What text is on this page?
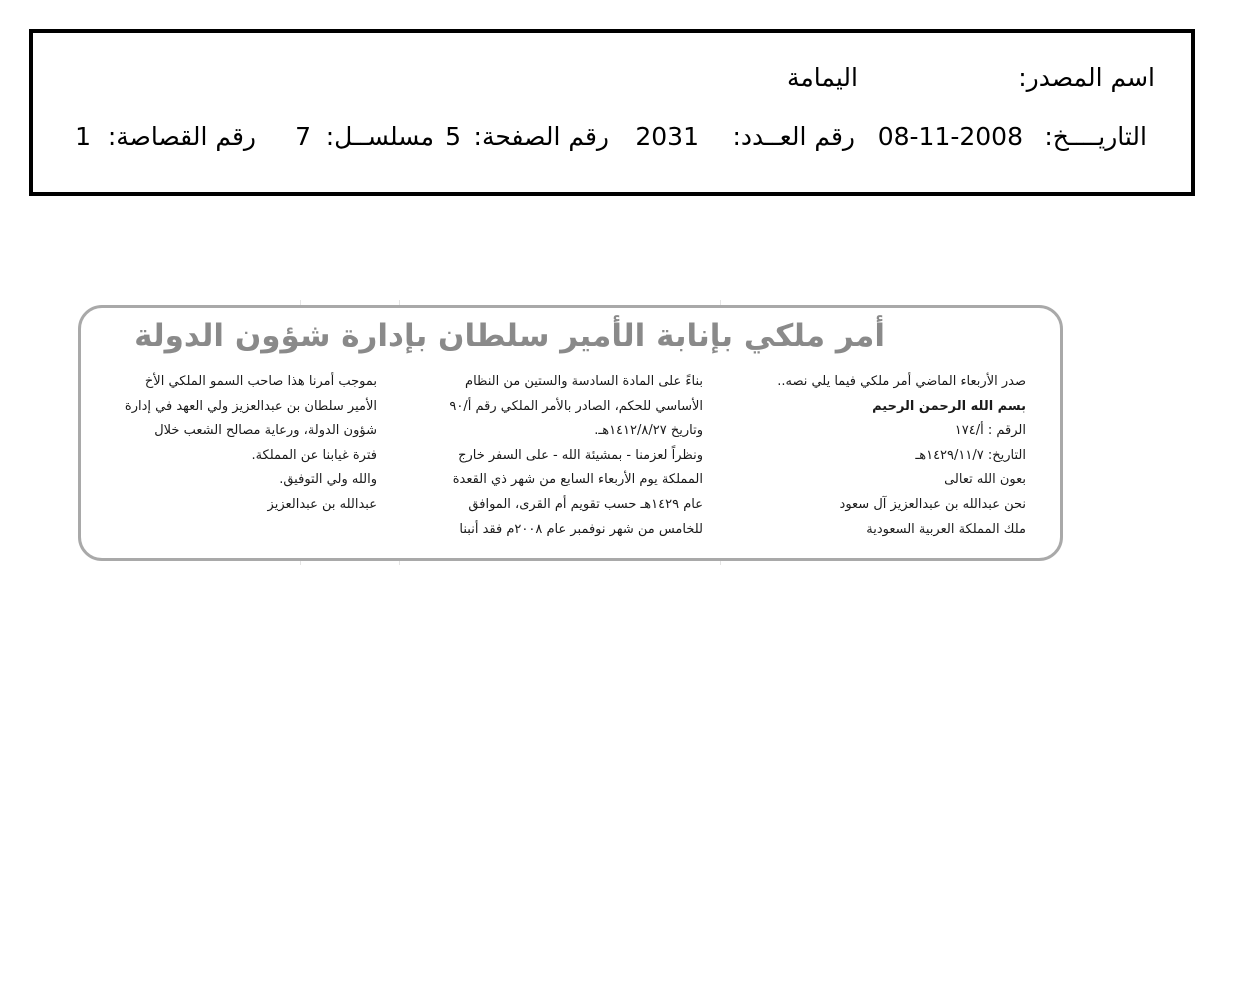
اسم المصدر:
اليمامة
التاريــــخ:
08-11-2008
رقم العــدد:
2031
رقم الصفحة:
5
مسلســل:
7
رقم القصاصة:
1
أمر ملكي بإنابة الأمير سلطان بإدارة شؤون الدولة
صدر الأربعاء الماضي أمر ملكي فيما يلي نصه..
بسم الله الرحمن الرحيم
الرقم : أ/١٧٤
التاريخ: ١٤٢٩/١١/٧هـ
بعون الله تعالى
نحن عبدالله بن عبدالعزيز آل سعود
ملك المملكة العربية السعودية
بناءً على المادة السادسة والستين من النظام
الأساسي للحكم، الصادر بالأمر الملكي رقم أ/٩٠
وتاريخ ١٤١٢/٨/٢٧هـ.
ونظراً لعزمنا - بمشيئة الله - على السفر خارج
المملكة يوم الأربعاء السابع من شهر ذي القعدة
عام ١٤٢٩هـ حسب تقويم أم القرى، الموافق
للخامس من شهر نوفمبر عام ٢٠٠٨م فقد أنبنا
بموجب أمرنا هذا صاحب السمو الملكي الأخ
الأمير سلطان بن عبدالعزيز ولي العهد في إدارة
شؤون الدولة، ورعاية مصالح الشعب خلال
فترة غيابنا عن المملكة.
والله ولي التوفيق.
عبدالله بن عبدالعزيز
